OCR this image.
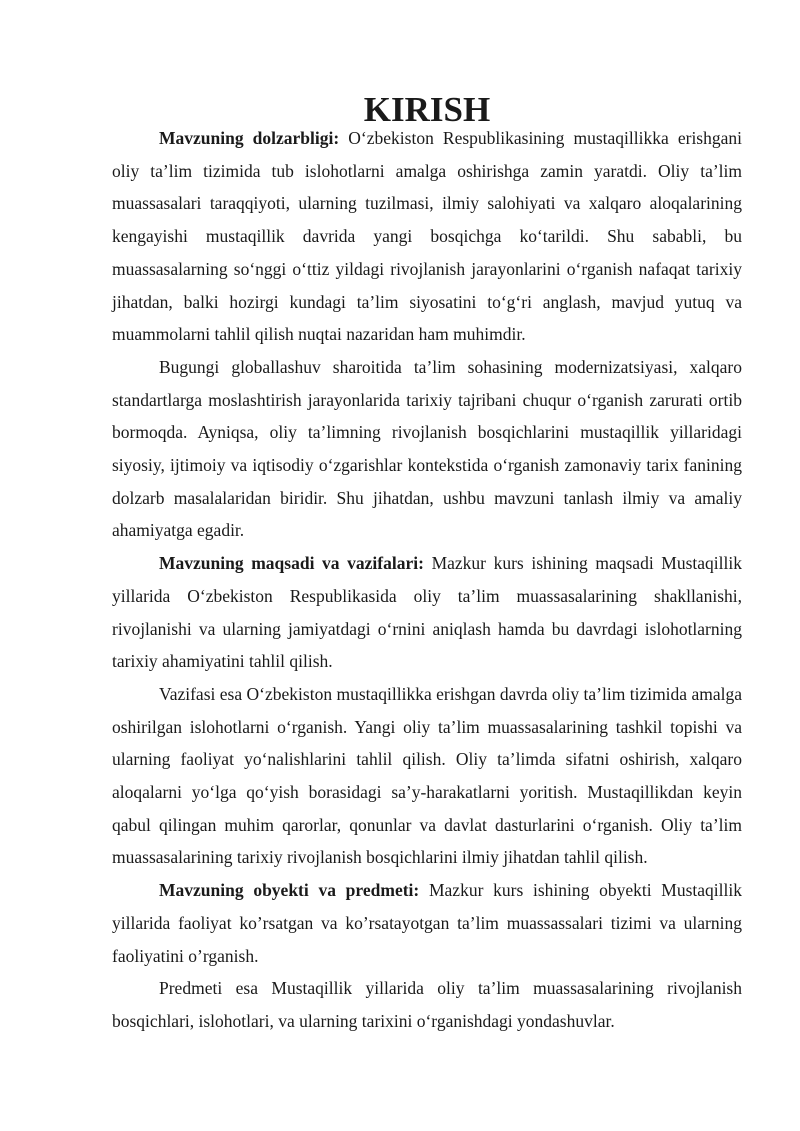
KIRISH

Mavzuning dolzarbligi: O‘zbekiston Respublikasining mustaqillikka erishgani oliy ta’lim tizimida tub islohotlarni amalga oshirishga zamin yaratdi. Oliy ta’lim muassasalari taraqqiyoti, ularning tuzilmasi, ilmiy salohiyati va xalqaro aloqalarining kengayishi mustaqillik davrida yangi bosqichga ko‘tarildi. Shu sababli, bu muassasalarning so‘nggi o‘ttiz yildagi rivojlanish jarayonlarini o‘rganish nafaqat tarixiy jihatdan, balki hozirgi kundagi ta’lim siyosatini to‘g‘ri anglash, mavjud yutuq va muammolarni tahlil qilish nuqtai nazaridan ham muhimdir.

Bugungi globallashuv sharoitida ta’lim sohasining modernizatsiyasi, xalqaro standartlarga moslashtirish jarayonlarida tarixiy tajribani chuqur o‘rganish zarurati ortib bormoqda. Ayniqsa, oliy ta’limning rivojlanish bosqichlarini mustaqillik yillaridagi siyosiy, ijtimoiy va iqtisodiy o‘zgarishlar kontekstida o‘rganish zamonaviy tarix fanining dolzarb masalalaridan biridir. Shu jihatdan, ushbu mavzuni tanlash ilmiy va amaliy ahamiyatga egadir.

Mavzuning maqsadi va vazifalari: Mazkur kurs ishining maqsadi Mustaqillik yillarida O‘zbekiston Respublikasida oliy ta’lim muassasalarining shakllanishi, rivojlanishi va ularning jamiyatdagi o‘rnini aniqlash hamda bu davrdagi islohotlarning tarixiy ahamiyatini tahlil qilish.

Vazifasi esa O‘zbekiston mustaqillikka erishgan davrda oliy ta’lim tizimida amalga oshirilgan islohotlarni o‘rganish. Yangi oliy ta’lim muassasalarining tashkil topishi va ularning faoliyat yo‘nalishlarini tahlil qilish. Oliy ta’limda sifatni oshirish, xalqaro aloqalarni yo‘lga qo‘yish borasidagi sa’y-harakatlarni yoritish. Mustaqillikdan keyin qabul qilingan muhim qarorlar, qonunlar va davlat dasturlarini o‘rganish. Oliy ta’lim muassasalarining tarixiy rivojlanish bosqichlarini ilmiy jihatdan tahlil qilish.

Mavzuning obyekti va predmeti: Mazkur kurs ishining obyekti Mustaqillik yillarida faoliyat ko’rsatgan va ko’rsatayotgan ta’lim muassassalari tizimi va ularning faoliyatini o’rganish.

Predmeti esa Mustaqillik yillarida oliy ta’lim muassasalarining rivojlanish bosqichlari, islohotlari, va ularning tarixini o‘rganishdagi yondashuvlar.
